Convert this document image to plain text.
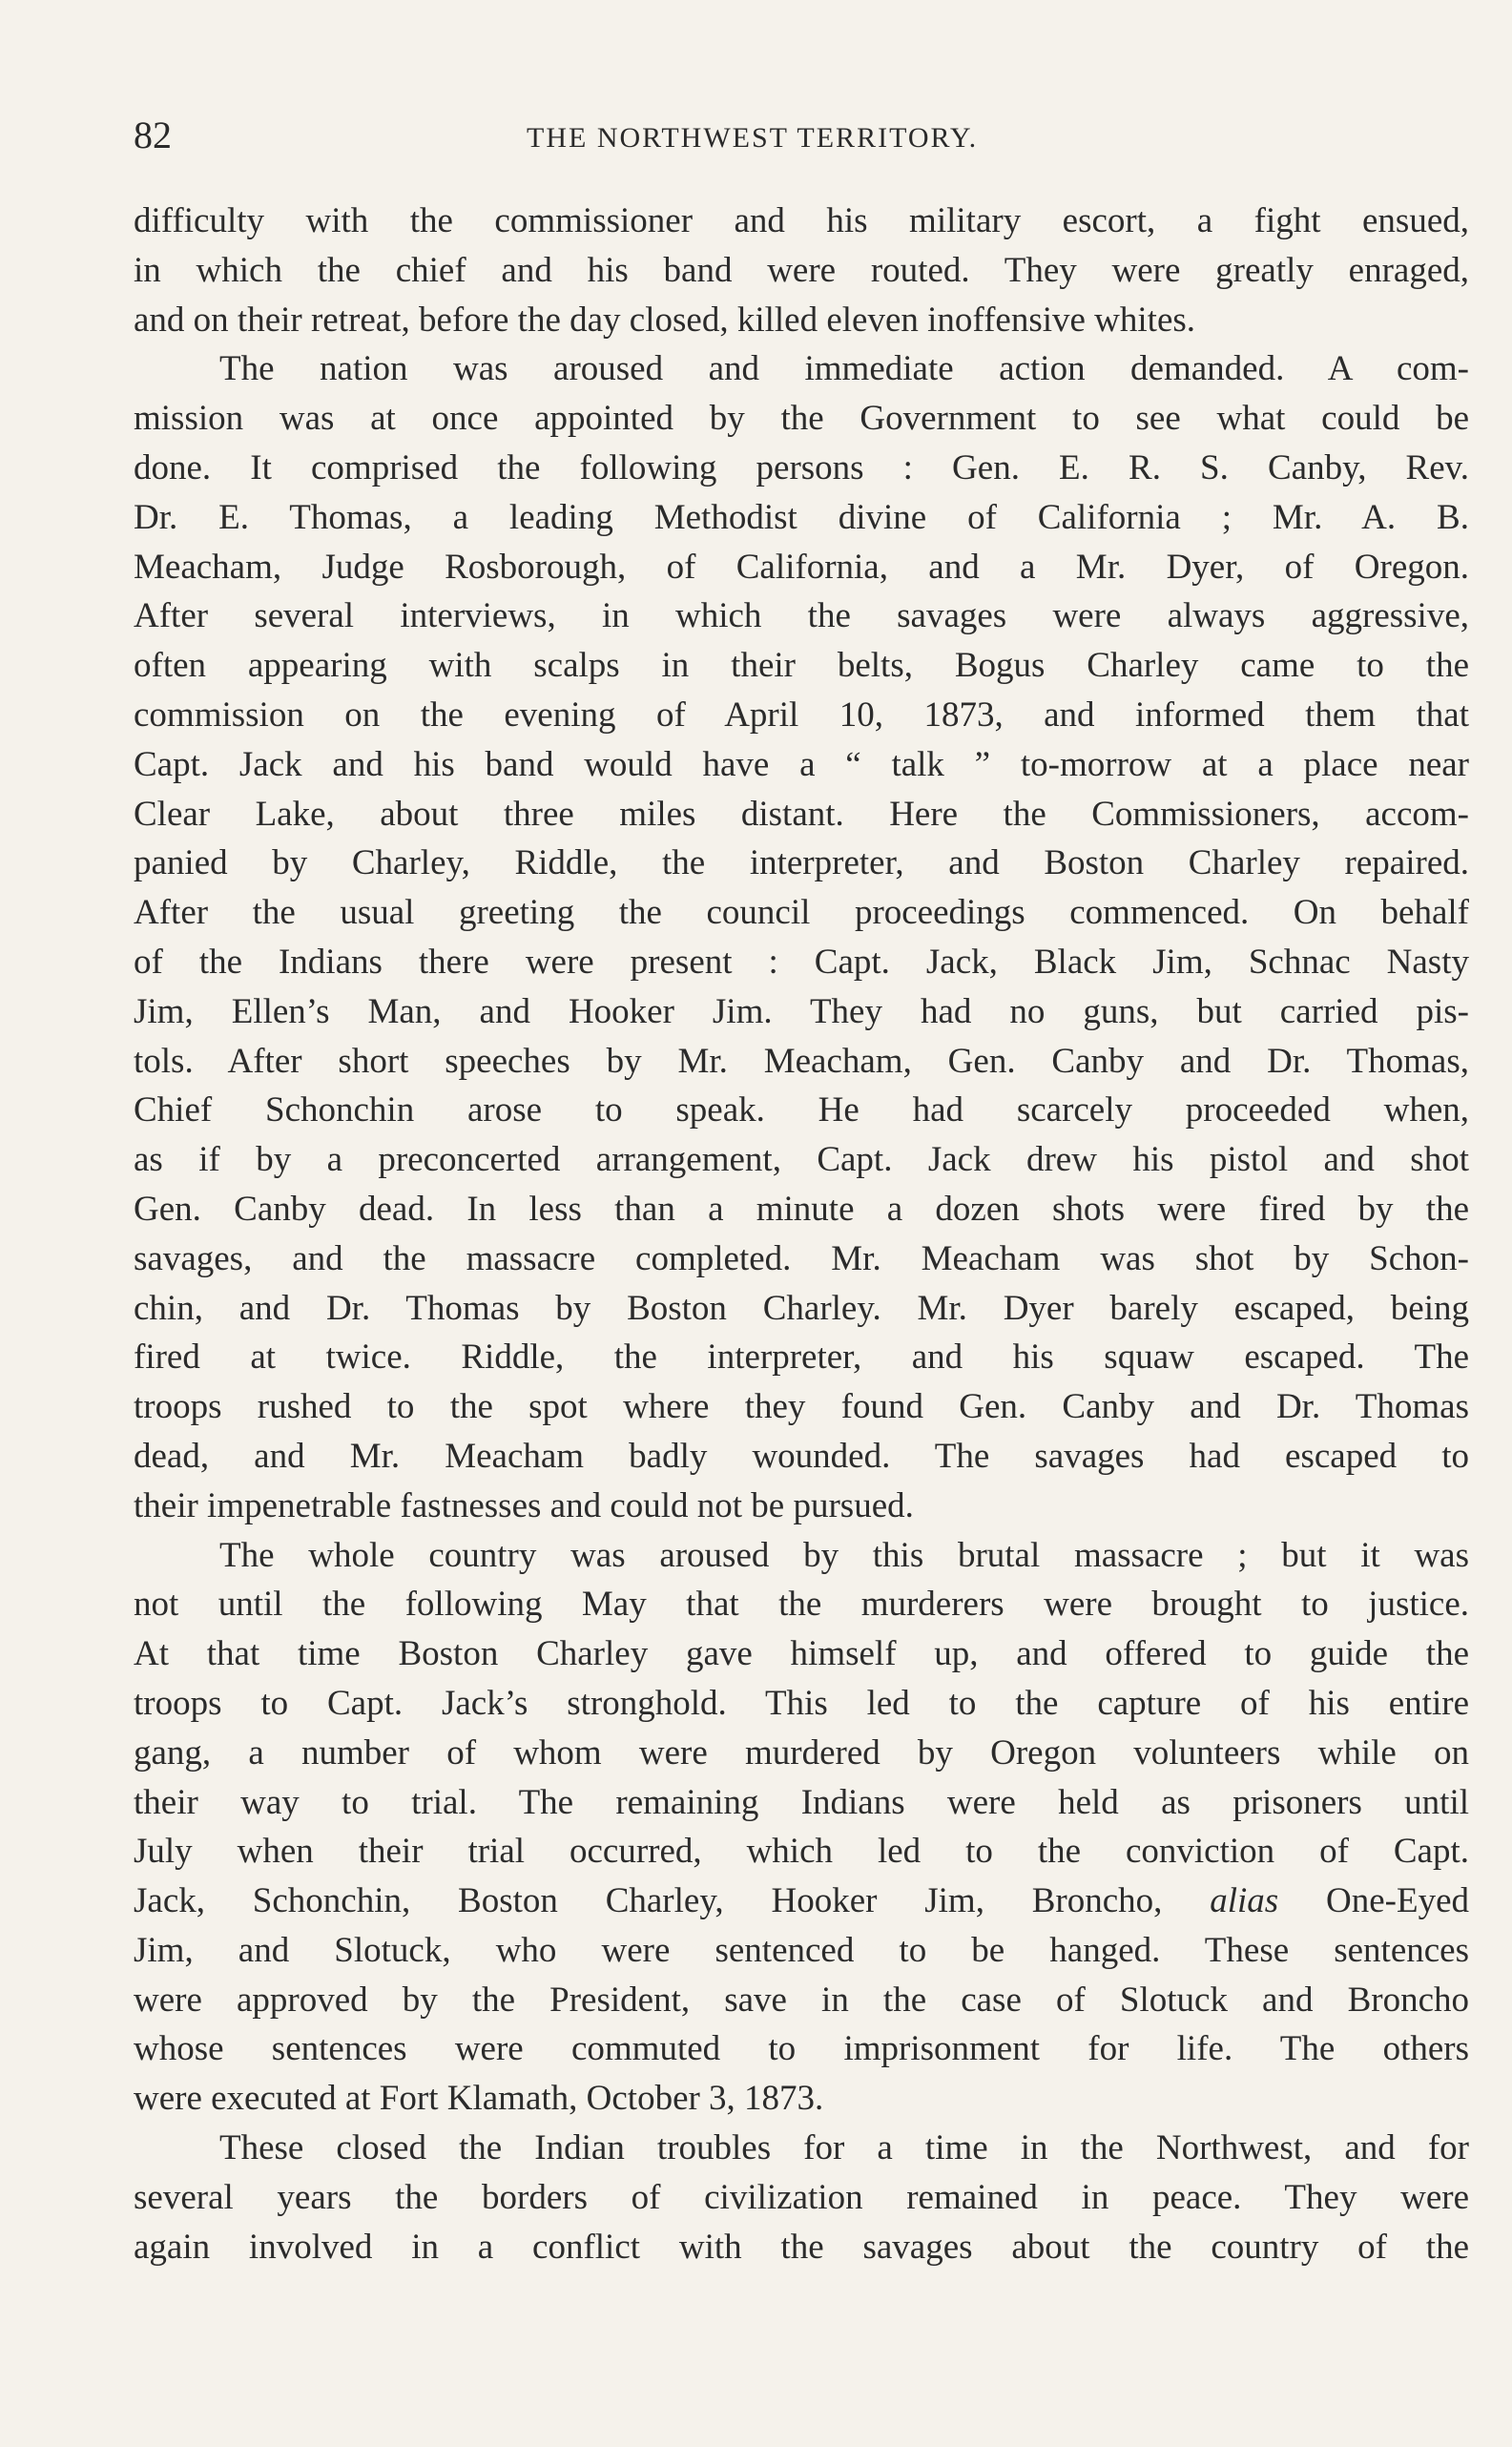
82	THE NORTHWEST TERRITORY.
difficulty with the commissioner and his military escort, a fight ensued,
in which the chief and his band were routed. They were greatly enraged,
and on their retreat, before the day closed, killed eleven inoffensive whites.
The nation was aroused and immediate action demanded. A com-
mission was at once appointed by the Government to see what could be
done. It comprised the following persons : Gen. E. R. S. Canby, Rev.
Dr. E. Thomas, a leading Methodist divine of California ; Mr. A. B.
Meacham, Judge Rosborough, of California, and a Mr. Dyer, of Oregon.
After several interviews, in which the savages were always aggressive,
often appearing with scalps in their belts, Bogus Charley came to the
commission on the evening of April 10, 1873, and informed them that
Capt. Jack and his band would have a “ talk ” to-morrow at a place near
Clear Lake, about three miles distant. Here the Commissioners, accom-
panied by Charley, Riddle, the interpreter, and Boston Charley repaired.
After the usual greeting the council proceedings commenced. On behalf
of the Indians there were present : Capt. Jack, Black Jim, Schnac Nasty
Jim, Ellen’s Man, and Hooker Jim. They had no guns, but carried pis-
tols. After short speeches by Mr. Meacham, Gen. Canby and Dr. Thomas,
Chief Schonchin arose to speak. He had scarcely proceeded when,
as if by a preconcerted arrangement, Capt. Jack drew his pistol and shot
Gen. Canby dead. In less than a minute a dozen shots were fired by the
savages, and the massacre completed. Mr. Meacham was shot by Schon-
chin, and Dr. Thomas by Boston Charley. Mr. Dyer barely escaped, being
fired at twice. Riddle, the interpreter, and his squaw escaped. The
troops rushed to the spot where they found Gen. Canby and Dr. Thomas
dead, and Mr. Meacham badly wounded. The savages had escaped to
their impenetrable fastnesses and could not be pursued.
The whole country was aroused by this brutal massacre ; but it was
not until the following May that the murderers were brought to justice.
At that time Boston Charley gave himself up, and offered to guide the
troops to Capt. Jack’s stronghold. This led to the capture of his entire
gang, a number of whom were murdered by Oregon volunteers while on
their way to trial. The remaining Indians were held as prisoners until
July when their trial occurred, which led to the conviction of Capt.
Jack, Schonchin, Boston Charley, Hooker Jim, Broncho, alias One-Eyed
Jim, and Slotuck, who were sentenced to be hanged. These sentences
were approved by the President, save in the case of Slotuck and Broncho
whose sentences were commuted to imprisonment for life. The others
were executed at Fort Klamath, October 3, 1873.
These closed the Indian troubles for a time in the Northwest, and for
several years the borders of civilization remained in peace. They were
again involved in a conflict with the savages about the country of the
